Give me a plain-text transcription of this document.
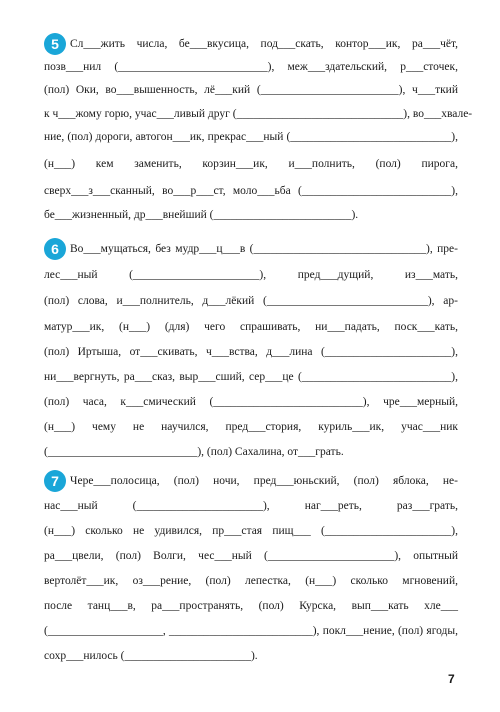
5 Сл___жить числа, бе___вкусица, под___скать, контор___ик, ра___чёт,
позв___нил (__________________________), меж___здательский, р___сточек,
(пол) Оки, во___вышенность, лё___кий (________________________), ч___ткий
к ч___жому горю, учас___ливый друг (_____________________________), во___хвале-
ние, (пол) дороги, автогон___ик, прекрас___ный (____________________________),
(н___) кем заменить, корзин___ик, и___полнить, (пол) пирога,
сверх___з___сканный, во___р___ст, моло___ьба (__________________________),
бе___жизненный, др___внейший (________________________).
6 Во___мущаться, без мудр___ц___в (______________________________), пре-
лес___ный (______________________), пред___дущий, из___мать,
(пол) слова, и___полнитель, д___лёкий (____________________________), ар-
матур___ик, (н___) (для) чего спрашивать, ни___падать, поск___кать,
(пол) Иртыша, от___скивать, ч___вства, д___лина (______________________),
ни___вергнуть, ра___сказ, выр___сший, сер___це (__________________________),
(пол) часа, к___смический (__________________________), чре___мерный,
(н___) чему не научился, пред___стория, куриль___ик, учас___ник
(__________________________), (пол) Сахалина, от___грать.
7 Чере___полосица, (пол) ночи, пред___юньский, (пол) яблока, не-
нас___ный (______________________), наг___реть, раз___грать,
(н___) сколько не удивился, пр___стая пищ___ (______________________),
ра___цвели, (пол) Волги, чес___ный (______________________), опытный
вертолёт___ик, оз___рение, (пол) лепестка, (н___) сколько мгновений,
после танц___в, ра___пространять, (пол) Курска, вып___кать хле___
(____________________, _________________________), покл___нение, (пол) ягоды,
сохр___нилось (______________________).
7
